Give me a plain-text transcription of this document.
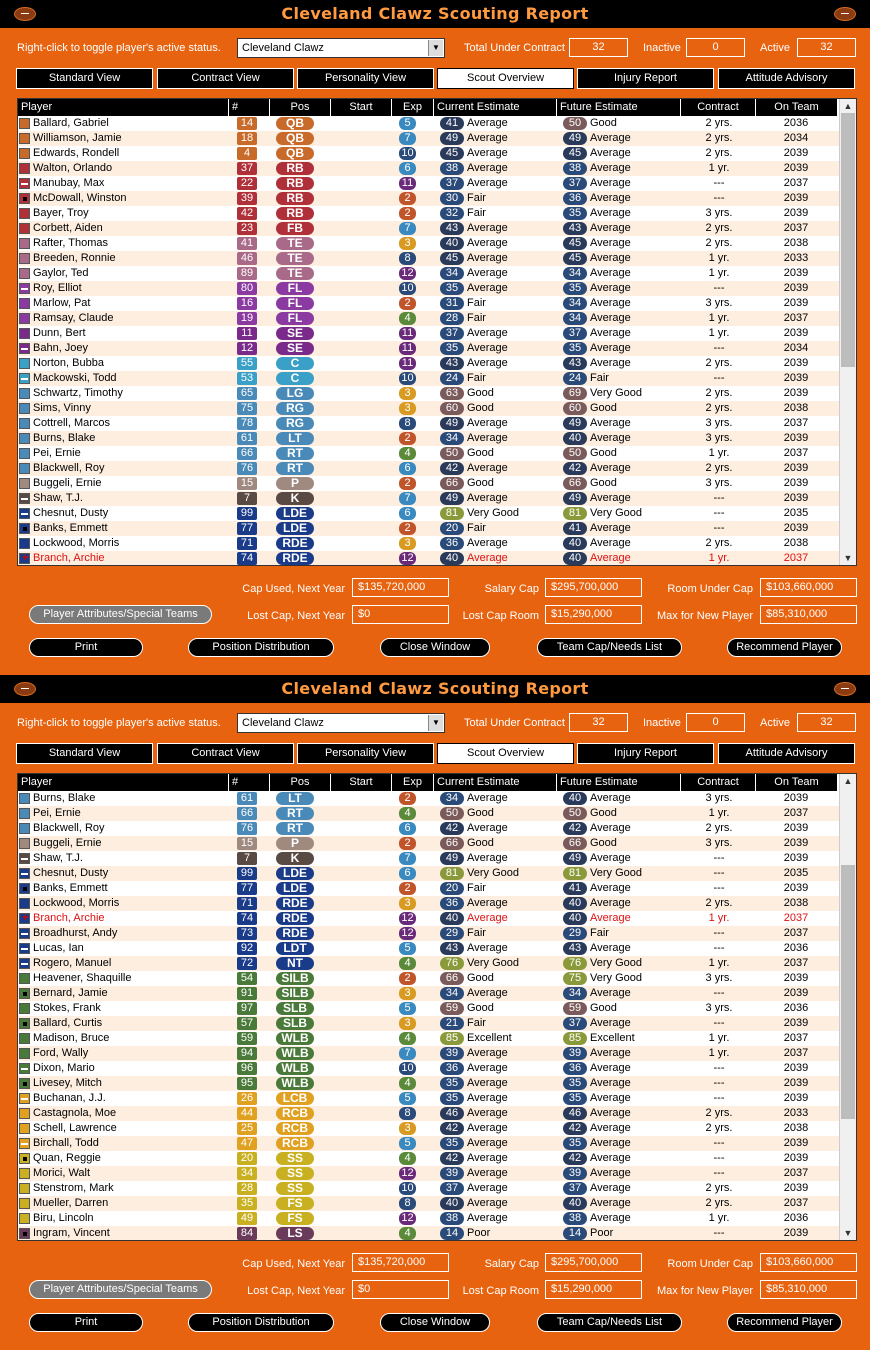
Cleveland Clawz Scouting Report
Right-click to toggle player's active status. Cleveland Clawz	▼ Total Under Contract	32	Inactive	0	Active	32
Standard View	Contract View	Personality View	Scout Overview	Injury Report	Attitude Advisory
Player	#	Pos	Start	Exp	Current Estimate	Future Estimate	Contract	On Team
Ballard, Gabriel	14	QB	5	41 Average	50 Good	2 yrs.	2036
Williamson, Jamie	18	QB	7	49 Average	49 Average	2 yrs.	2034
Edwards, Rondell	4	QB	10	45 Average	45 Average	2 yrs.	2039
Walton, Orlando	37	RB	6	38 Average	38 Average	1 yr.	2039
Manubay, Max	22	RB	11	37 Average	37 Average	---	2037
McDowall, Winston	39	RB	2	30 Fair	36 Average	---	2039
Bayer, Troy	42	RB	2	32 Fair	35 Average	3 yrs.	2039
Corbett, Aiden	23	FB	7	43 Average	43 Average	2 yrs.	2037
Rafter, Thomas	41	TE	3	40 Average	45 Average	2 yrs.	2038
Breeden, Ronnie	46	TE	8	45 Average	45 Average	1 yr.	2033
Gaylor, Ted	89	TE	12	34 Average	34 Average	1 yr.	2039
Roy, Elliot	80	FL	10	35 Average	35 Average	---	2039
Marlow, Pat	16	FL	2	31 Fair	34 Average	3 yrs.	2039
Ramsay, Claude	19	FL	4	28 Fair	34 Average	1 yr.	2037
Dunn, Bert	11	SE	11	37 Average	37 Average	1 yr.	2039
Bahn, Joey	12	SE	11	35 Average	35 Average	---	2034
Norton, Bubba	55	C	11	43 Average	43 Average	2 yrs.	2039
Mackowski, Todd	53	C	10	24 Fair	24 Fair	---	2039
Schwartz, Timothy	65	LG	3	63 Good	69 Very Good	2 yrs.	2039
Sims, Vinny	75	RG	3	60 Good	60 Good	2 yrs.	2038
Cottrell, Marcos	78	RG	8	49 Average	49 Average	3 yrs.	2037
Burns, Blake	61	LT	2	34 Average	40 Average	3 yrs.	2039
Pei, Ernie	66	RT	4	50 Good	50 Good	1 yr.	2037
Blackwell, Roy	76	RT	6	42 Average	42 Average	2 yrs.	2039
Buggeli, Ernie	15	P	2	66 Good	66 Good	3 yrs.	2039
Shaw, T.J.	7	K	7	49 Average	49 Average	---	2039
Chesnut, Dusty	99	LDE	6	81 Very Good	81 Very Good	---	2035
Banks, Emmett	77	LDE	2	20 Fair	41 Average	---	2039
Lockwood, Morris	71	RDE	3	36 Average	40 Average	2 yrs.	2038
+ Branch, Archie	74	RDE	12	40 Average	40 Average	1 yr.	2037
▲
▼
Cap Used, Next Year	$135,720,000	Salary Cap	$295,700,000	Room Under Cap	$103,660,000
Player Attributes/Special Teams	Lost Cap, Next Year	$0	Lost Cap Room	$15,290,000	Max for New Player	$85,310,000
Print	Position Distribution	Close Window	Team Cap/Needs List	Recommend Player
Cleveland Clawz Scouting Report
Right-click to toggle player's active status. Cleveland Clawz	▼ Total Under Contract	32	Inactive	0	Active	32
Standard View	Contract View	Personality View	Scout Overview	Injury Report	Attitude Advisory
Player	#	Pos	Start	Exp	Current Estimate	Future Estimate	Contract	On Team
Burns, Blake	61	LT	2	34 Average	40 Average	3 yrs.	2039
Pei, Ernie	66	RT	4	50 Good	50 Good	1 yr.	2037
Blackwell, Roy	76	RT	6	42 Average	42 Average	2 yrs.	2039
Buggeli, Ernie	15	P	2	66 Good	66 Good	3 yrs.	2039
Shaw, T.J.	7	K	7	49 Average	49 Average	---	2039
Chesnut, Dusty	99	LDE	6	81 Very Good	81 Very Good	---	2035
Banks, Emmett	77	LDE	2	20 Fair	41 Average	---	2039
Lockwood, Morris	71	RDE	3	36 Average	40 Average	2 yrs.	2038
+ Branch, Archie	74	RDE	12	40 Average	40 Average	1 yr.	2037
Broadhurst, Andy	73	RDE	12	29 Fair	29 Fair	---	2037
Lucas, Ian	92	LDT	5	43 Average	43 Average	---	2036
Rogero, Manuel	72	NT	4	76 Very Good	76 Very Good	1 yr.	2037
Heavener, Shaquille	54	SILB	2	66 Good	75 Very Good	3 yrs.	2039
Bernard, Jamie	91	SILB	3	34 Average	34 Average	---	2039
Stokes, Frank	97	SLB	5	59 Good	59 Good	3 yrs.	2036
Ballard, Curtis	57	SLB	3	21 Fair	37 Average	---	2039
Madison, Bruce	59	WLB	4	85 Excellent	85 Excellent	1 yr.	2037
Ford, Wally	94	WLB	7	39 Average	39 Average	1 yr.	2037
Dixon, Mario	96	WLB	10	36 Average	36 Average	---	2039
Livesey, Mitch	95	WLB	4	35 Average	35 Average	---	2039
Buchanan, J.J.	26	LCB	5	35 Average	35 Average	---	2039
Castagnola, Moe	44	RCB	8	46 Average	46 Average	2 yrs.	2033
Schell, Lawrence	25	RCB	3	42 Average	42 Average	2 yrs.	2038
Birchall, Todd	47	RCB	5	35 Average	35 Average	---	2039
Quan, Reggie	20	SS	4	42 Average	42 Average	---	2039
Morici, Walt	34	SS	12	39 Average	39 Average	---	2037
Stenstrom, Mark	28	SS	10	37 Average	37 Average	2 yrs.	2039
Mueller, Darren	35	FS	8	40 Average	40 Average	2 yrs.	2037
Biru, Lincoln	49	FS	12	38 Average	38 Average	1 yr.	2036
Ingram, Vincent	84	LS	4	14 Poor	14 Poor	---	2039
▲
▼
Cap Used, Next Year	$135,720,000	Salary Cap	$295,700,000	Room Under Cap	$103,660,000
Player Attributes/Special Teams	Lost Cap, Next Year	$0	Lost Cap Room	$15,290,000	Max for New Player	$85,310,000
Print	Position Distribution	Close Window	Team Cap/Needs List	Recommend Player
